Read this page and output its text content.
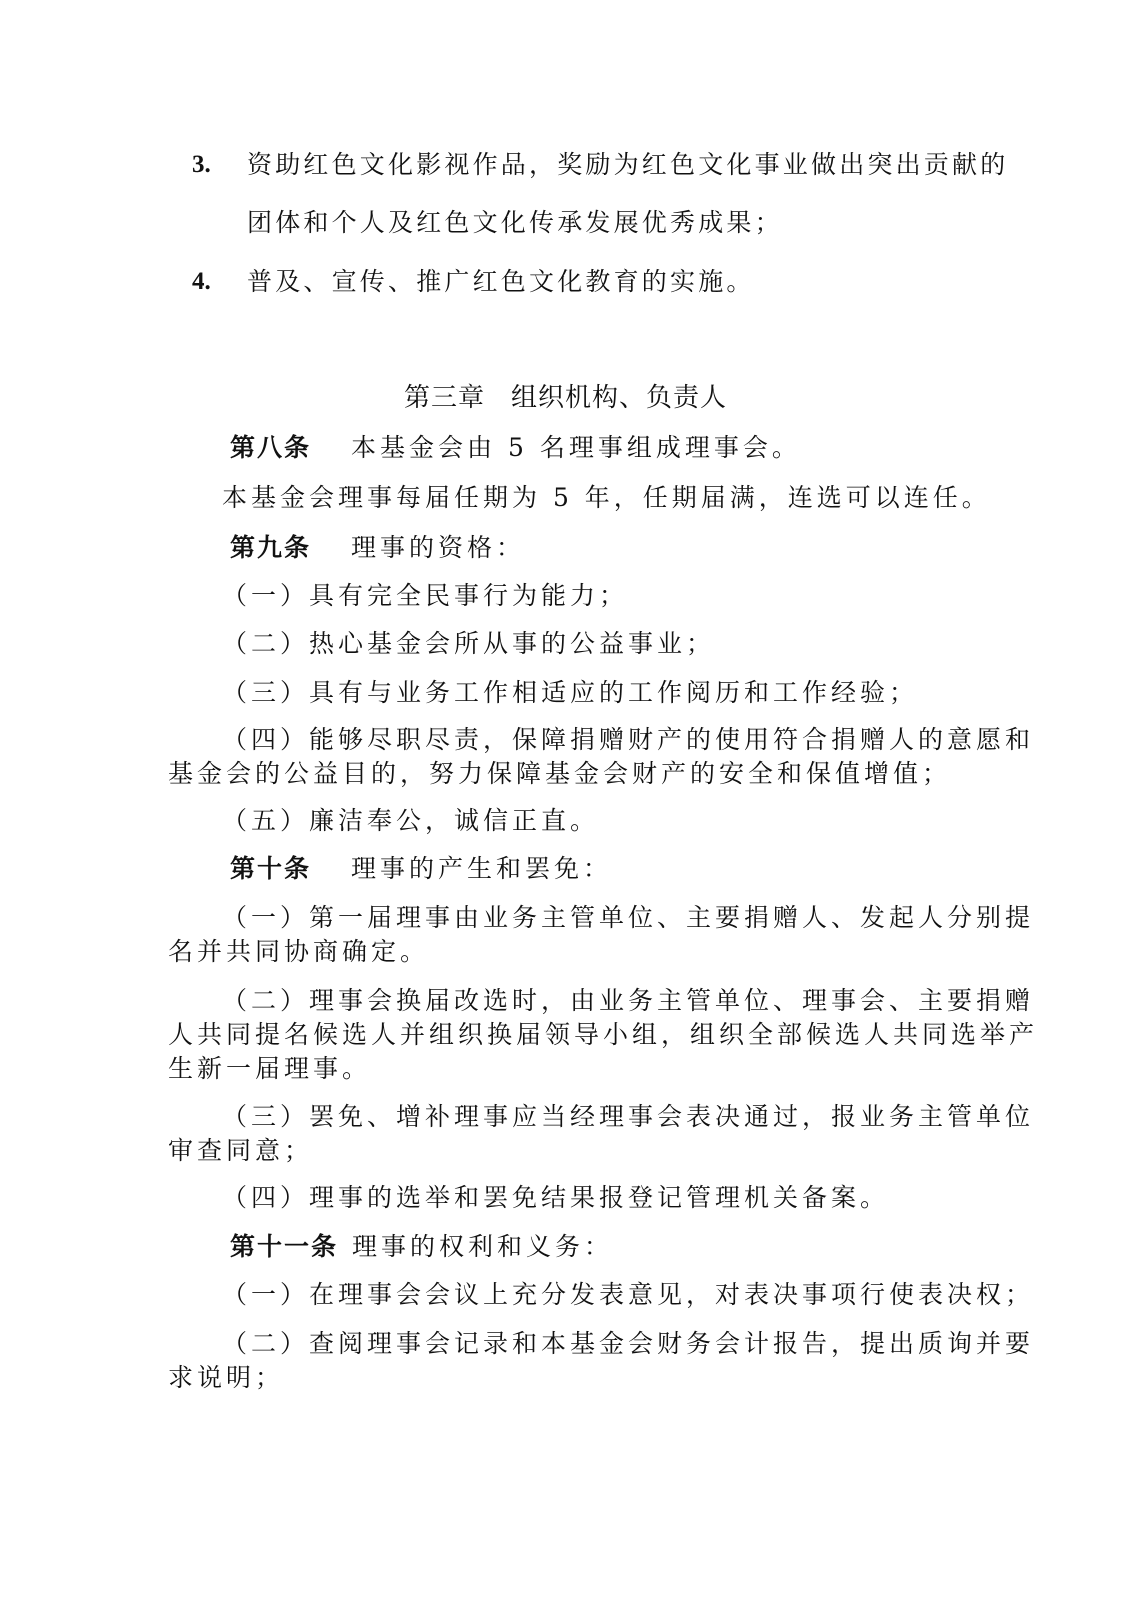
3. 资助红色文化影视作品，奖励为红色文化事业做出突出贡献的
团体和个人及红色文化传承发展优秀成果；
4. 普及、宣传、推广红色文化教育的实施。
第三章 组织机构、负责人
第八条 本基金会由 5 名理事组成理事会。
本基金会理事每届任期为 5 年，任期届满，连选可以连任。
第九条 理事的资格：
（一）具有完全民事行为能力；
（二）热心基金会所从事的公益事业；
（三）具有与业务工作相适应的工作阅历和工作经验；
（四）能够尽职尽责，保障捐赠财产的使用符合捐赠人的意愿和
基金会的公益目的，努力保障基金会财产的安全和保值增值；
（五）廉洁奉公，诚信正直。
第十条 理事的产生和罢免：
（一）第一届理事由业务主管单位、主要捐赠人、发起人分别提
名并共同协商确定。
（二）理事会换届改选时，由业务主管单位、理事会、主要捐赠
人共同提名候选人并组织换届领导小组，组织全部候选人共同选举产
生新一届理事。
（三）罢免、增补理事应当经理事会表决通过，报业务主管单位
审查同意；
（四）理事的选举和罢免结果报登记管理机关备案。
第十一条 理事的权利和义务：
（一）在理事会会议上充分发表意见，对表决事项行使表决权；
（二）查阅理事会记录和本基金会财务会计报告，提出质询并要
求说明；
